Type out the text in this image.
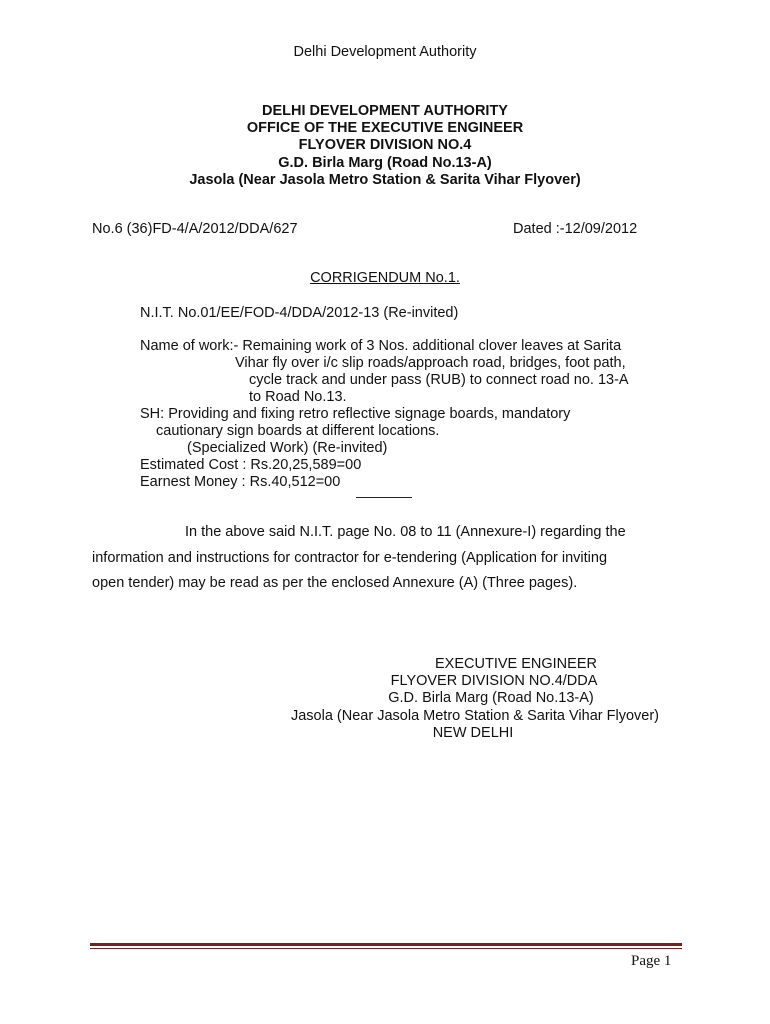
Delhi Development Authority
DELHI DEVELOPMENT AUTHORITY
OFFICE OF THE EXECUTIVE ENGINEER
FLYOVER DIVISION NO.4
G.D. Birla Marg (Road No.13-A)
Jasola (Near Jasola Metro Station & Sarita Vihar Flyover)
No.6 (36)FD-4/A/2012/DDA/627	Dated :-12/09/2012
CORRIGENDUM No.1.
N.I.T. No.01/EE/FOD-4/DDA/2012-13 (Re-invited)
Name of work:- Remaining work of 3 Nos. additional clover leaves at Sarita
Vihar fly over i/c slip roads/approach road, bridges, foot path,
cycle track and under pass (RUB) to connect road no. 13-A
to Road No.13.
SH: Providing and fixing retro reflective signage boards, mandatory
cautionary sign boards at different locations.
(Specialized Work) (Re-invited)
Estimated Cost : Rs.20,25,589=00
Earnest Money : Rs.40,512=00
In the above said N.I.T. page No. 08 to 11 (Annexure-I) regarding the
information and instructions for contractor for e-tendering (Application for inviting
open tender) may be read as per the enclosed Annexure (A) (Three pages).
EXECUTIVE ENGINEER
FLYOVER DIVISION NO.4/DDA
G.D. Birla Marg (Road No.13-A)
Jasola (Near Jasola Metro Station & Sarita Vihar Flyover)
NEW DELHI
Page 1
